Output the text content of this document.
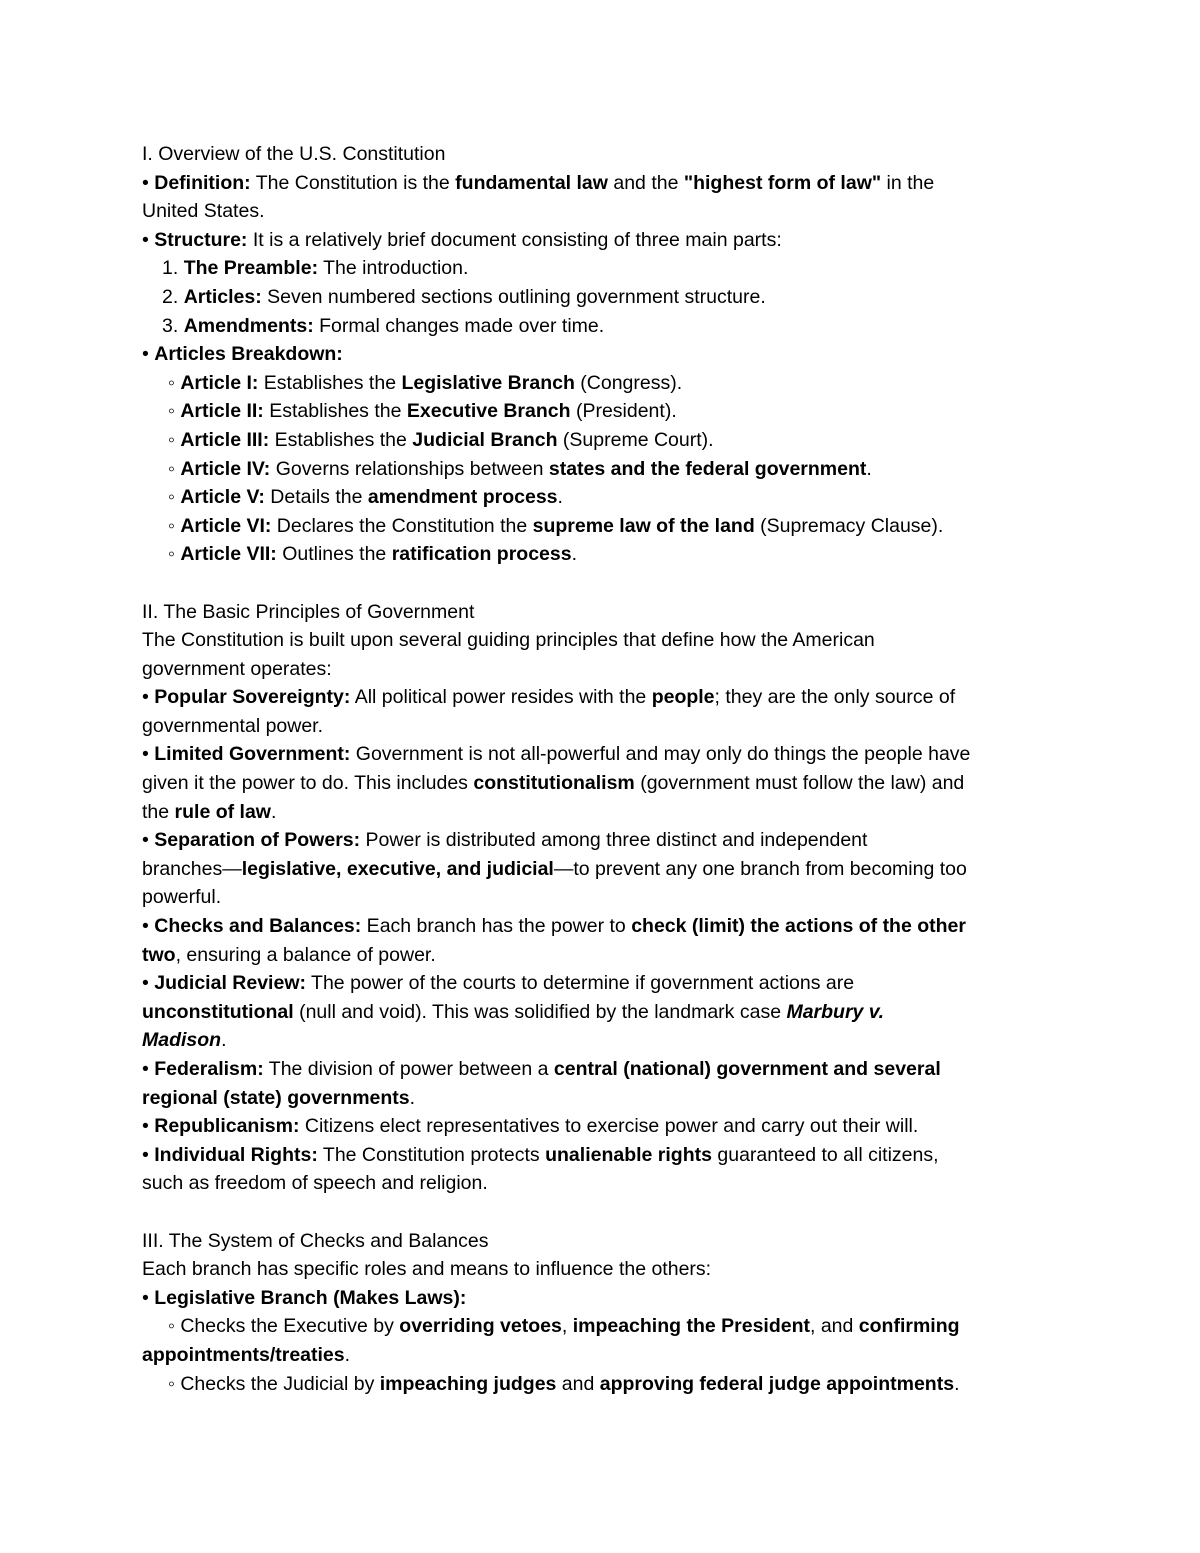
I. Overview of the U.S. Constitution
• Definition: The Constitution is the fundamental law and the "highest form of law" in the
United States.
• Structure: It is a relatively brief document consisting of three main parts:
1. The Preamble: The introduction.
2. Articles: Seven numbered sections outlining government structure.
3. Amendments: Formal changes made over time.
• Articles Breakdown:
◦ Article I: Establishes the Legislative Branch (Congress).
◦ Article II: Establishes the Executive Branch (President).
◦ Article III: Establishes the Judicial Branch (Supreme Court).
◦ Article IV: Governs relationships between states and the federal government.
◦ Article V: Details the amendment process.
◦ Article VI: Declares the Constitution the supreme law of the land (Supremacy Clause).
◦ Article VII: Outlines the ratification process.
II. The Basic Principles of Government
The Constitution is built upon several guiding principles that define how the American
government operates:
• Popular Sovereignty: All political power resides with the people; they are the only source of
governmental power.
• Limited Government: Government is not all-powerful and may only do things the people have
given it the power to do. This includes constitutionalism (government must follow the law) and
the rule of law.
• Separation of Powers: Power is distributed among three distinct and independent
branches—legislative, executive, and judicial—to prevent any one branch from becoming too
powerful.
• Checks and Balances: Each branch has the power to check (limit) the actions of the other
two, ensuring a balance of power.
• Judicial Review: The power of the courts to determine if government actions are
unconstitutional (null and void). This was solidified by the landmark case Marbury v.
Madison.
• Federalism: The division of power between a central (national) government and several
regional (state) governments.
• Republicanism: Citizens elect representatives to exercise power and carry out their will.
• Individual Rights: The Constitution protects unalienable rights guaranteed to all citizens,
such as freedom of speech and religion.
III. The System of Checks and Balances
Each branch has specific roles and means to influence the others:
• Legislative Branch (Makes Laws):
◦ Checks the Executive by overriding vetoes, impeaching the President, and confirming
appointments/treaties.
◦ Checks the Judicial by impeaching judges and approving federal judge appointments.
